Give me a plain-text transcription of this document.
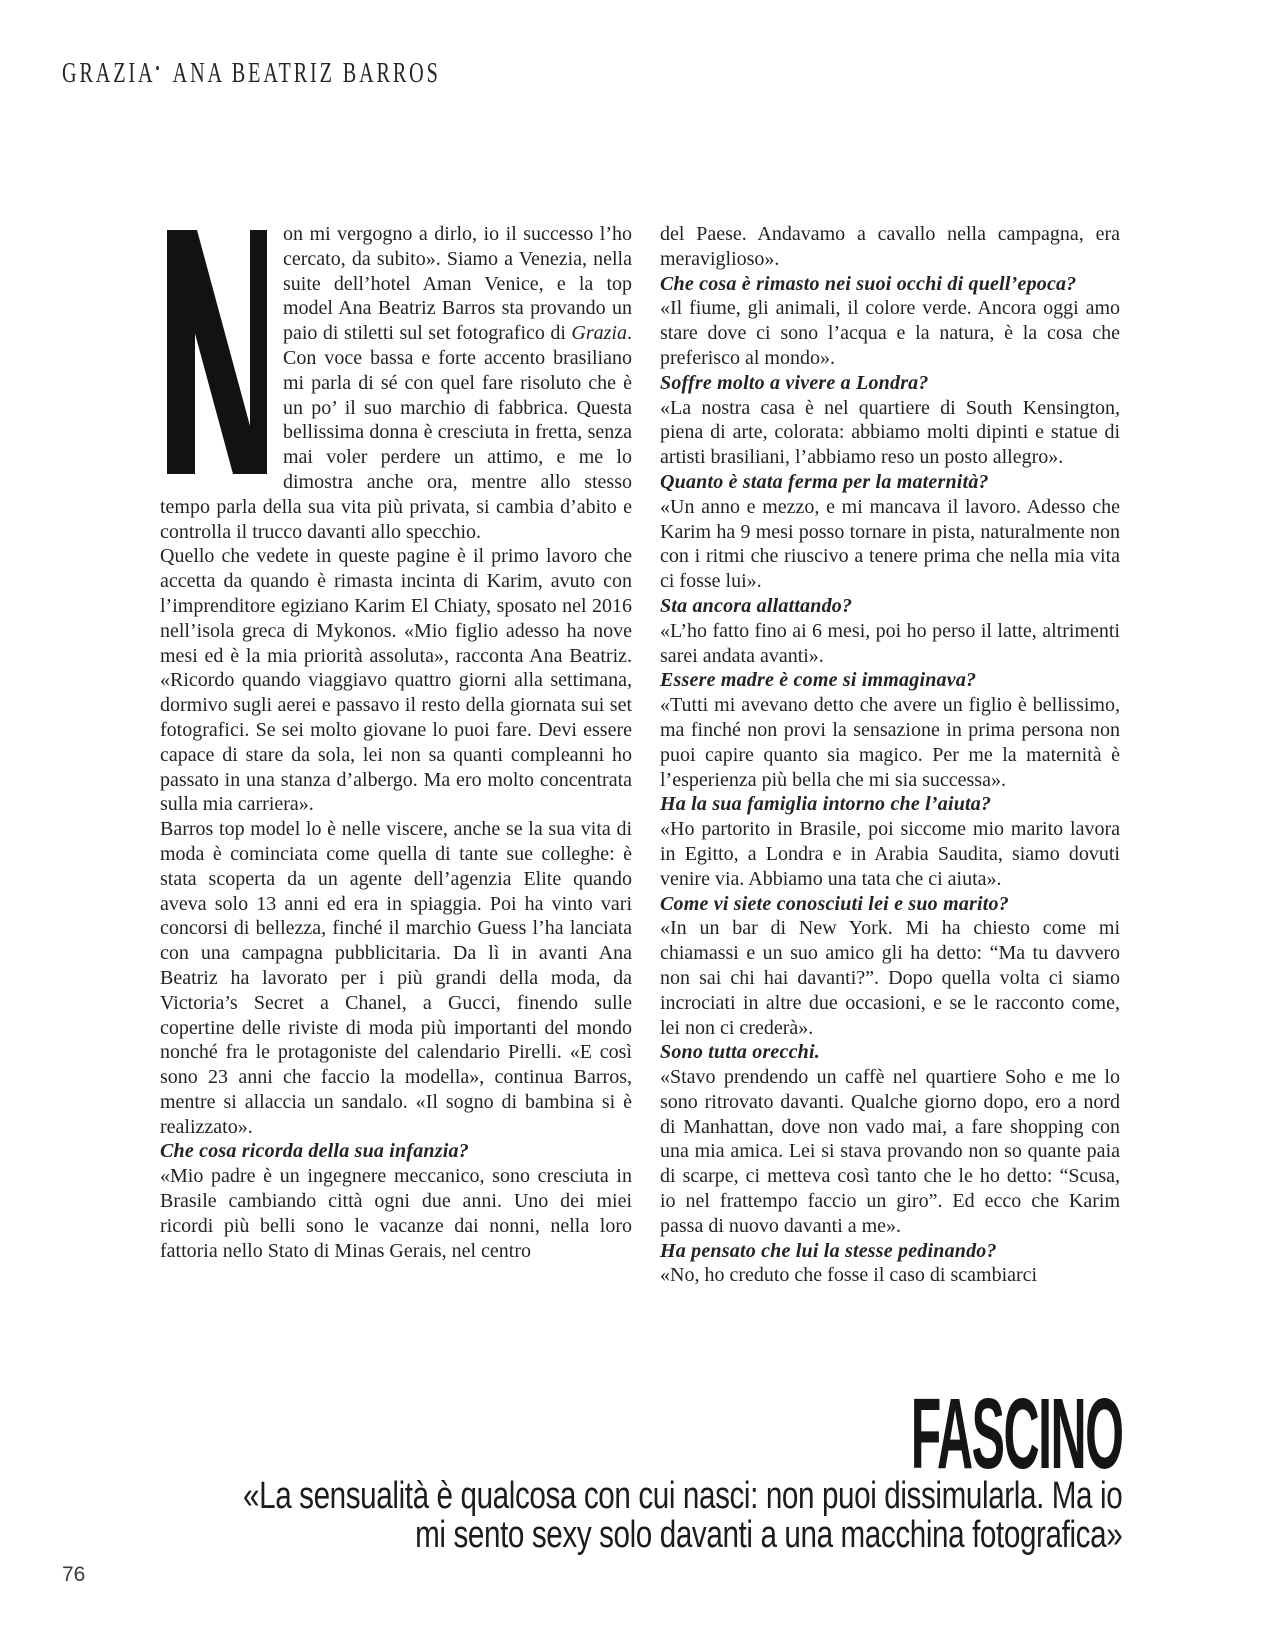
GRAZIA• ANA BEATRIZ BARROS

on mi vergogno a dirlo, io il successo l’ho cercato, da subito». Siamo a Venezia, nella suite dell’hotel Aman Venice, e la top model Ana Beatriz Barros sta provando un paio di stiletti sul set fotografico di Grazia. Con voce bassa e forte accento brasiliano mi parla di sé con quel fare risoluto che è un po’ il suo marchio di fabbrica. Questa bellissima donna è cresciuta in fretta, senza mai voler perdere un attimo, e me lo dimostra anche ora, mentre allo stesso tempo parla della sua vita più privata, si cambia d’abito e controlla il trucco davanti allo specchio.

Quello che vedete in queste pagine è il primo lavoro che accetta da quando è rimasta incinta di Karim, avuto con l’imprenditore egiziano Karim El Chiaty, sposato nel 2016 nell’isola greca di Mykonos. «Mio figlio adesso ha nove mesi ed è la mia priorità assoluta», racconta Ana Beatriz. «Ricordo quando viaggiavo quattro giorni alla settimana, dormivo sugli aerei e passavo il resto della giornata sui set fotografici. Se sei molto giovane lo puoi fare. Devi essere capace di stare da sola, lei non sa quanti compleanni ho passato in una stanza d’albergo. Ma ero molto concentrata sulla mia carriera».

Barros top model lo è nelle viscere, anche se la sua vita di moda è cominciata come quella di tante sue colleghe: è stata scoperta da un agente dell’agenzia Elite quando aveva solo 13 anni ed era in spiaggia. Poi ha vinto vari concorsi di bellezza, finché il marchio Guess l’ha lanciata con una campagna pubblicitaria. Da lì in avanti Ana Beatriz ha lavorato per i più grandi della moda, da Victoria’s Secret a Chanel, a Gucci, finendo sulle copertine delle riviste di moda più importanti del mondo nonché fra le protagoniste del calendario Pirelli. «E così sono 23 anni che faccio la modella», continua Barros, mentre si allaccia un sandalo. «Il sogno di bambina si è realizzato».

Che cosa ricorda della sua infanzia?

«Mio padre è un ingegnere meccanico, sono cresciuta in Brasile cambiando città ogni due anni. Uno dei miei ricordi più belli sono le vacanze dai nonni, nella loro fattoria nello Stato di Minas Gerais, nel centro

del Paese. Andavamo a cavallo nella campagna, era meraviglioso».

Che cosa è rimasto nei suoi occhi di quell’epoca?

«Il fiume, gli animali, il colore verde. Ancora oggi amo stare dove ci sono l’acqua e la natura, è la cosa che preferisco al mondo».

Soffre molto a vivere a Londra?

«La nostra casa è nel quartiere di South Kensington, piena di arte, colorata: abbiamo molti dipinti e statue di artisti brasiliani, l’abbiamo reso un posto allegro».

Quanto è stata ferma per la maternità?

«Un anno e mezzo, e mi mancava il lavoro. Adesso che Karim ha 9 mesi posso tornare in pista, naturalmente non con i ritmi che riuscivo a tenere prima che nella mia vita ci fosse lui».

Sta ancora allattando?

«L’ho fatto fino ai 6 mesi, poi ho perso il latte, altrimenti sarei andata avanti».

Essere madre è come si immaginava?

«Tutti mi avevano detto che avere un figlio è bellissimo, ma finché non provi la sensazione in prima persona non puoi capire quanto sia magico. Per me la maternità è l’esperienza più bella che mi sia successa».

Ha la sua famiglia intorno che l’aiuta?

«Ho partorito in Brasile, poi siccome mio marito lavora in Egitto, a Londra e in Arabia Saudita, siamo dovuti venire via. Abbiamo una tata che ci aiuta».

Come vi siete conosciuti lei e suo marito?

«In un bar di New York. Mi ha chiesto come mi chiamassi e un suo amico gli ha detto: “Ma tu davvero non sai chi hai davanti?”. Dopo quella volta ci siamo incrociati in altre due occasioni, e se le racconto come, lei non ci crederà».

Sono tutta orecchi.

«Stavo prendendo un caffè nel quartiere Soho e me lo sono ritrovato davanti. Qualche giorno dopo, ero a nord di Manhattan, dove non vado mai, a fare shopping con una mia amica. Lei si stava provando non so quante paia di scarpe, ci metteva così tanto che le ho detto: “Scusa, io nel frattempo faccio un giro”. Ed ecco che Karim passa di nuovo davanti a me».

Ha pensato che lui la stesse pedinando?

«No, ho creduto che fosse il caso di scambiarci

FASCINO
«La sensualità è qualcosa con cui nasci: non puoi dissimularla. Ma io
mi sento sexy solo davanti a una macchina fotografica»
76
